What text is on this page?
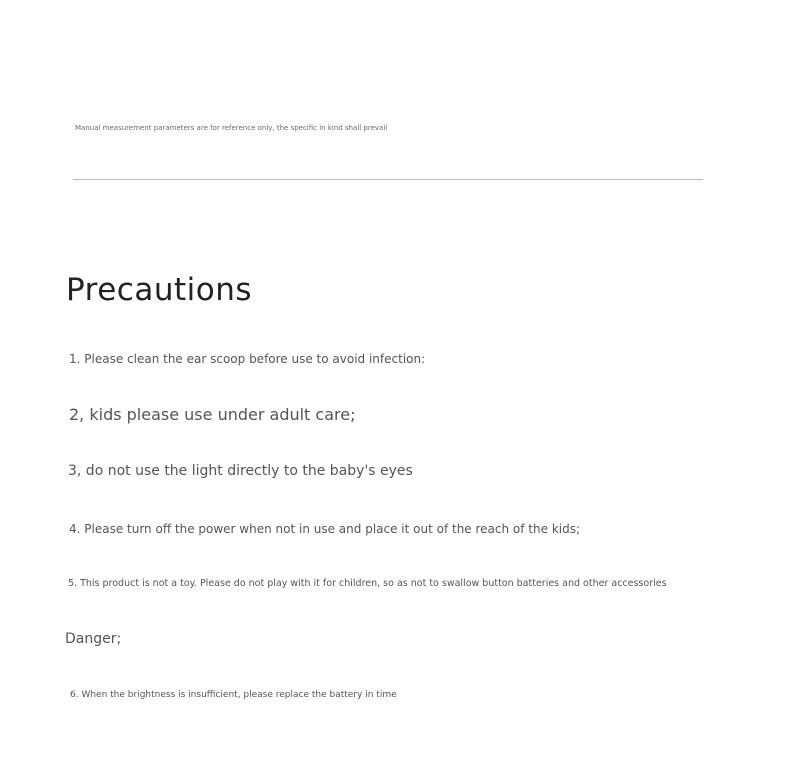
Manual measurement parameters are for reference only, the specific in kind shall prevail
Precautions
1. Please clean the ear scoop before use to avoid infection:
2, kids please use under adult care;
3, do not use the light directly to the baby's eyes
4. Please turn off the power when not in use and place it out of the reach of the kids;
5. This product is not a toy. Please do not play with it for children, so as not to swallow button batteries and other accessories
Danger;
6. When the brightness is insufficient, please replace the battery in time
